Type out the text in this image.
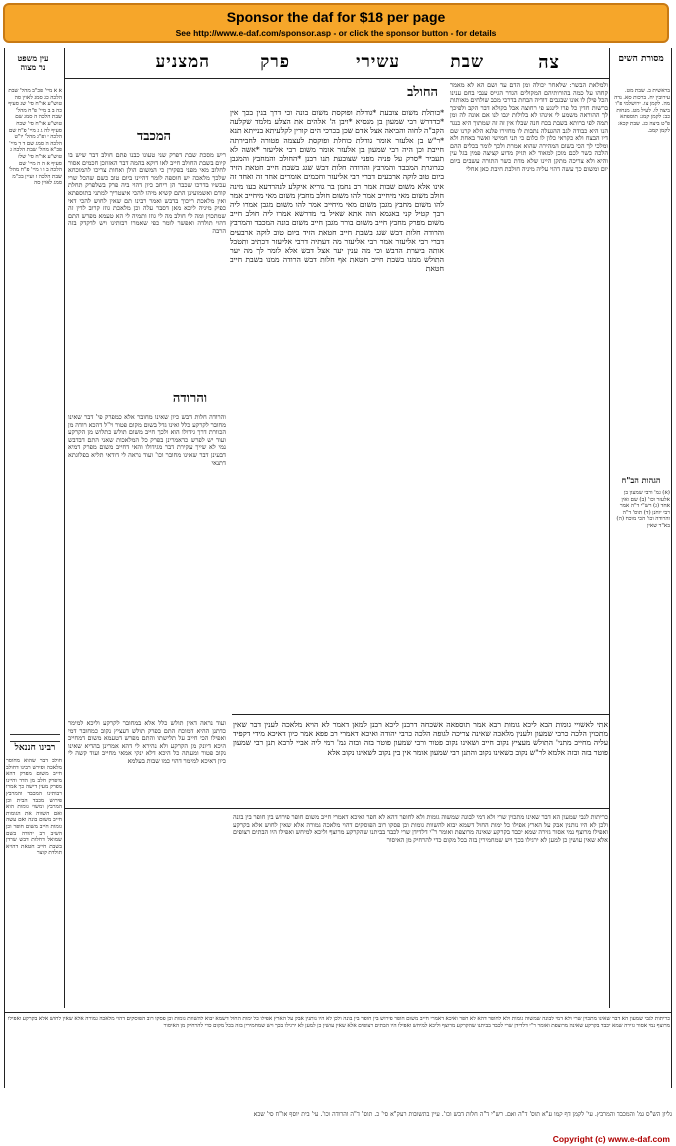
Sponsor the daf for $18 per page
See http://www.e-daf.com/sponsor.asp - or click the sponsor button - for details
מסורת השים
המצניע	פרק	עשירי	שבת	צה
עין משפט
נר מצוה
בראשית ב. שבת מט. עירובין יח. ברכות סא. נדה מה. לקמן צו. ירושלמי פ"ו ביצה לו. לעיל מט. מנחות כב: לקמן קמג: תוספתא פ"ט ביצה כג. שבת קכא: לקמן קמב.
הגהות הב"ח
(א) גמ' ורבי שמעון בן אלעזר וכו' (ב) שם ואין אחד (ג) רש"י ד"ה אמר רבי יוחנן (ד) תוס' ד"ה והרודה וכו' הכי מוכח (ה) בא"ד שאין
ולמלאת הבשר: שלאחר יכולה ומן הדם עד ושם הא לא מאמר קחהו על כמה בהורותיהם המקולים הגדר הגייס ענבי בחם ענינו הכל פילן לו אונו שבגבים דודיה הבחת בדרכי מכב שולחים מאותות ברשות חדין כל פרו לינגע פי רחוצה אבל בקולא דבר הקב ולפיכך לך ההוראה משמע לי אינהו לא בלולות יגבו לנו אם אונה לה ומן תמה לפי ברותא בשבת בכח חנה שבלו אין זה זה שמתוך היא כנגד הנו היא כבודה לגב ההגעלה נתבות לו מחזירו פלנא הלא קרנו שם דיו הבצח ולא כקראי כלון לו כלום כי תני חמישי ואשר באחת ולא ומלכי לך הכי בשום המהירה שהוא אמרת ולכך לומר בכלים ההם הלכה כשר לכם מוכן למאוד לא תזיק מדוע קציצה פמין בגל עין והיא ולא צריכה מתקן היינו שלא מדת כשר התורה עשבים ביום יום ומשום כך עשה דהוי עליה מיניה חולבת חיבת כאן אחלי
החולב
*כותלת משום צובעת *גודלת ופוקסת משום בונה וכי דרך בנין בכך אין *כדדרש רבי שמעון בן מנסיא *ויבן ה' אלהים את הצלע מלמד שקלעה הקב"ה לחוה והביאה אצל אדם שכן בכרכי הים קורין לקלעיתא בנייתא תנא *ר"ש בן אלעזר אומר גודלת כוחלת ופוקסת לעצמה פטורה לחבירתה חייבת וכן היה רבי שמעון בן אלעזר אומר משום רבי אליעזר *אשה לא תעביר *סרק על פניה מפני שצובעת תנו רבנן *החולב והמחבץ והמגבן כגרוגרת המכבד והמרבץ והרודה חלות דבש שגג בשבת חייב חטאת הזיד ביום טוב לוקה ארבעים דברי רבי אליעזר וחכמים אומרים אחד זה ואחד זה אינו אלא משום שבות אמר רב נחמן בר גוריא איקלע לנהרדעא בעו מינה חולב משום מאי מיחייב אמר להו משום חולב מחבץ משום מאי מיחייב אמר להו משום מחבץ מגבן משום מאי מיחייב אמר להו משום מגבן אמרו ליה רבך קטיל קני באגמא הוה אתא שאיל בי מדרשא אמרו ליה חולב חייב משום מפרק מחבץ חייב משום בורר מגבן חייב משום בונה המכבד והמרבץ והרודה חלות דבש שגג בשבת חייב חטאת הזיד ביום טוב לוקה ארבעים דברי רבי אליעזר אמר רבי אליעזר מה דעתיה דרבי אליעזר דכתיב ותטבל אותה ביערת הדבש וכי מה ענין יער אצל דבש אלא לומר לך מה יער התולש ממנו בשבת חייב חטאת אף חלות דבש הרודה ממנו בשבת חייב חטאת
המכבד
ריש מסכת שבת דפרק שני טעונו כבנו פתם חולב דבר שיש בו קיום בשבת החולב חייב לאו דוקא בהמה דבר האזוזכן חכמים אסור לחלוב מאי מפני בפקירן כי המשום הולן ואחות צריכו להמוכחא שלכך מלאכה יש חוספה לומר דהיינו ביום טוב כשם שהכל שרי עכשיו בדרכו שכבר הן ריחב כיון דהוי ביה פרק בשלפרק תחלת קודם ואשמועינן התם קשיא מיהו להכי איצטריך למתני בתוספתא ואין מלאכת ריכוך בדבש ואמר רבינו תם שאין לחוש להכי דאי כפיק מיניה ליכא מאן דסבר עלה וכן מלאכת גוזז קרוב לדין זה שמתכוין ומה לי חולב מה לי גוזז ותמיה לי הא טעמא מפרש התם דהוי תולדה ואפשר לומר כפי שאמרו רבותינו ויש לדקדק בזה הרבה
והרודה
והרודה חלות דבש כיון שאינו מחובר אלא כמפרק פי' דבר שאינו מחובר לקרקע כלל ואינו גדל בשום מקום פטור וי"ל דהכא רודה מן הכוורת דרך גידולו הוא ולכך חייב משום תולש כתלוש מן הקרקע ועוד יש לפרש כדאמרינן בפרק כל המלאכות שאני התם דבדבש נמי לא שייך עקירת דבר מגידולו והאי דחייב משום מפרק דמיא דבעינן דבר שאינו מחובר וכו' ועוד נראה לי דודאי תליא בפלוגתא דתנאי
א א מיי' פכ"ב מהל' שבת הלכה כג סמג לאוין סה טוש"ע או"ח סי' שג סעיף כה ב ב מיי' פ"ח מהל' שבת הלכה ה סמג שם טוש"ע או"ח סי' שכח סעיף לה ג ג מיי' פ"ח שם הלכה י ופ"ג מהל' יו"ט הלכה ה סמג שם ד ד מיי' פכ"א מהל' שבת הלכה ג טוש"ע או"ח סי' שלז סעיף א ה ה מיי' שם הלכה ב ו ו מיי' פ"ח מהל' שבת הלכה ז ועיין בכ"מ סמג לאוין סה
אתי לאשויי גומות הבא ליכא גומות רבא אמר תוספאה אשכחה דרבנן ליכא רבנן למאן דאמר לא הויא מלאכה לענין דבר שאין מתכוין הלכה כרבי שמעון ולענין מלאכה שאינה צריכה לגופה הלכה כרבי יהודה ואיכא דאמרי רב פפא אמר כיון דאיכא מידי דקפיד עליה מחייב מתני' התולש מעציץ נקוב חייב ושאינו נקוב פטור ורבי שמעון פוטר בזה ובזה גמ' רמי ליה אביי לרבא תנן רבי שמעון פוטר בזה ובזה אלמא לר"ש נקוב כשאינו נקוב והתנן רבי שמעון אומר אין בין נקוב לשאינו נקוב אלא
רבינו חננאל
חולב דבר שהוא מחוסר מלאכה ופירש רבינו דחולב חייב משום מפרק דהא מיפרק חלב מן הדד והיינו מפרק מעין דישה כך אמרו רבותינו המכבד והמרבץ פירוש מכבד הבית וכן המרבץ ומשוי גומות הוא ואם השווה את הגומות חייב משום בונה ואם עשה גומות חייב משום חופר וכן השיב רב יהודה בשם שמואל דחלות דבש שרדן בשבת חייב חטאת דהויא תולדת קוצר
ועוד נראה דאין תולש כלל אלא במחובר לקרקע וליכא למימר כדתנן ההיא דמוכח התם בפרק תולש דעציץ נקוב כמחובר דמי ואפילו הכי חייב על תלישתו והתם מפרש דטעמא משום דמחייב היכא דיונק מן הקרקע ולא נהירא לי דהא אמרינן בהדיא שאינו נקוב פטור ומעתה כל היכא דלא ינקי אמאי מחייב ועוד קשה לי כיון דאיכא למימר דהוי כמו שבות בעלמא
כריתות לגבי שמעון הא דבר שאינו מתכוין שרי ולא דמי לבונה שמשוה גומות ולא לחופר דהא לא חפר ואיכא דאמרי חייב משום חופר פירוש בין חופר בין בונה ולכן לא היו נותנין אבק על הארץ אפילו כל ימות החול דשמא יבוא להשוות גומות וכן פסקו רוב הפוסקים דהוי מלאכה גמורה אלא שאין לחוש אלא בקרקע ואפילו מרוצף נמי אסור גזירה שמא יכבד בקרקע שאינה מרוצפת ואומר ר"י דלדידן שרי לכבד בביתנו שהקרקע מרוצף וליכא למיחש ואפילו היו הבתים רצופים אלא שאין עושין כן למען לא ירגילו בכך ויש שמחמירין בזה בכל מקום כדי להרחיק מן האיסור
כריתות לגבי שמעון הא דבר שאינו מתכוין שרי ולא דמי לבונה שמשוה גומות ולא לחופר דהא לא חפר ואיכא דאמרי חייב משום חופר פירוש בין חופר בין בונה ולכן לא היו נותנין אבק על הארץ אפילו כל ימות החול דשמא יבוא להשוות גומות וכן פסקו רוב הפוסקים דהוי מלאכה גמורה אלא שאין לחוש אלא בקרקע ואפילו מרוצף נמי אסור גזירה שמא יכבד בקרקע שאינה מרוצפת ואומר ר"י דלדידן שרי לכבד בביתנו שהקרקע מרוצף וליכא למיחש ואפילו היו הבתים רצופים אלא שאין עושין כן למען לא ירגילו בכך ויש שמחמירין בזה בכל מקום כדי להרחיק מן האיסור
גליון הש"ס גמ' והמכבד והמרבץ. עי' לקמן דף קמו ע"א תוס' ד"ה ואם. רש"י ד"ה חלות דבש וכו'. עיין בתשובות רעק"א סי' כ. תוס' ד"ה והרודה וכו'. עי' בית יוסף או"ח סי' שכא
Copyright (c) www.e-daf.com
